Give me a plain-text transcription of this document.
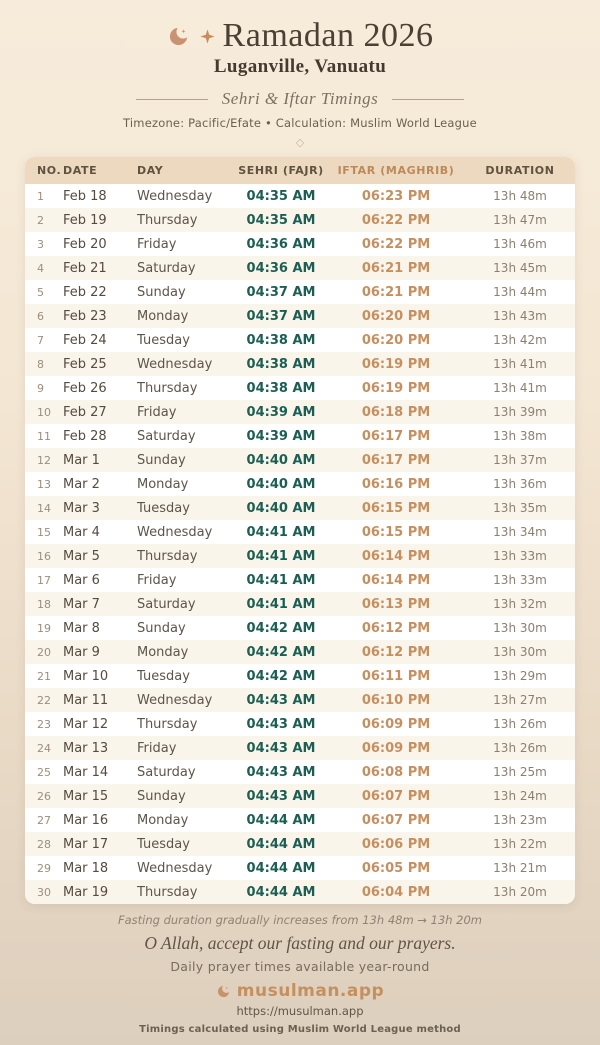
Ramadan 2026
Luganville, Vanuatu
Sehri & Iftar Timings

Timezone: Pacific/Efate • Calculation: Muslim World League

◇
NO.	DATE	DAY	SEHRI (FAJR)	IFTAR (MAGHRIB)	DURATION
1	Feb 18	Wednesday	04:35 AM	06:23 PM	13h 48m
2	Feb 19	Thursday	04:35 AM	06:22 PM	13h 47m
3	Feb 20	Friday	04:36 AM	06:22 PM	13h 46m
4	Feb 21	Saturday	04:36 AM	06:21 PM	13h 45m
5	Feb 22	Sunday	04:37 AM	06:21 PM	13h 44m
6	Feb 23	Monday	04:37 AM	06:20 PM	13h 43m
7	Feb 24	Tuesday	04:38 AM	06:20 PM	13h 42m
8	Feb 25	Wednesday	04:38 AM	06:19 PM	13h 41m
9	Feb 26	Thursday	04:38 AM	06:19 PM	13h 41m
10	Feb 27	Friday	04:39 AM	06:18 PM	13h 39m
11	Feb 28	Saturday	04:39 AM	06:17 PM	13h 38m
12	Mar 1	Sunday	04:40 AM	06:17 PM	13h 37m
13	Mar 2	Monday	04:40 AM	06:16 PM	13h 36m
14	Mar 3	Tuesday	04:40 AM	06:15 PM	13h 35m
15	Mar 4	Wednesday	04:41 AM	06:15 PM	13h 34m
16	Mar 5	Thursday	04:41 AM	06:14 PM	13h 33m
17	Mar 6	Friday	04:41 AM	06:14 PM	13h 33m
18	Mar 7	Saturday	04:41 AM	06:13 PM	13h 32m
19	Mar 8	Sunday	04:42 AM	06:12 PM	13h 30m
20	Mar 9	Monday	04:42 AM	06:12 PM	13h 30m
21	Mar 10	Tuesday	04:42 AM	06:11 PM	13h 29m
22	Mar 11	Wednesday	04:43 AM	06:10 PM	13h 27m
23	Mar 12	Thursday	04:43 AM	06:09 PM	13h 26m
24	Mar 13	Friday	04:43 AM	06:09 PM	13h 26m
25	Mar 14	Saturday	04:43 AM	06:08 PM	13h 25m
26	Mar 15	Sunday	04:43 AM	06:07 PM	13h 24m
27	Mar 16	Monday	04:44 AM	06:07 PM	13h 23m
28	Mar 17	Tuesday	04:44 AM	06:06 PM	13h 22m
29	Mar 18	Wednesday	04:44 AM	06:05 PM	13h 21m
30	Mar 19	Thursday	04:44 AM	06:04 PM	13h 20m

Fasting duration gradually increases from 13h 48m → 13h 20m

O Allah, accept our fasting and our prayers.

Daily prayer times available year-round

musulman.app

https://musulman.app

Timings calculated using Muslim World League method
